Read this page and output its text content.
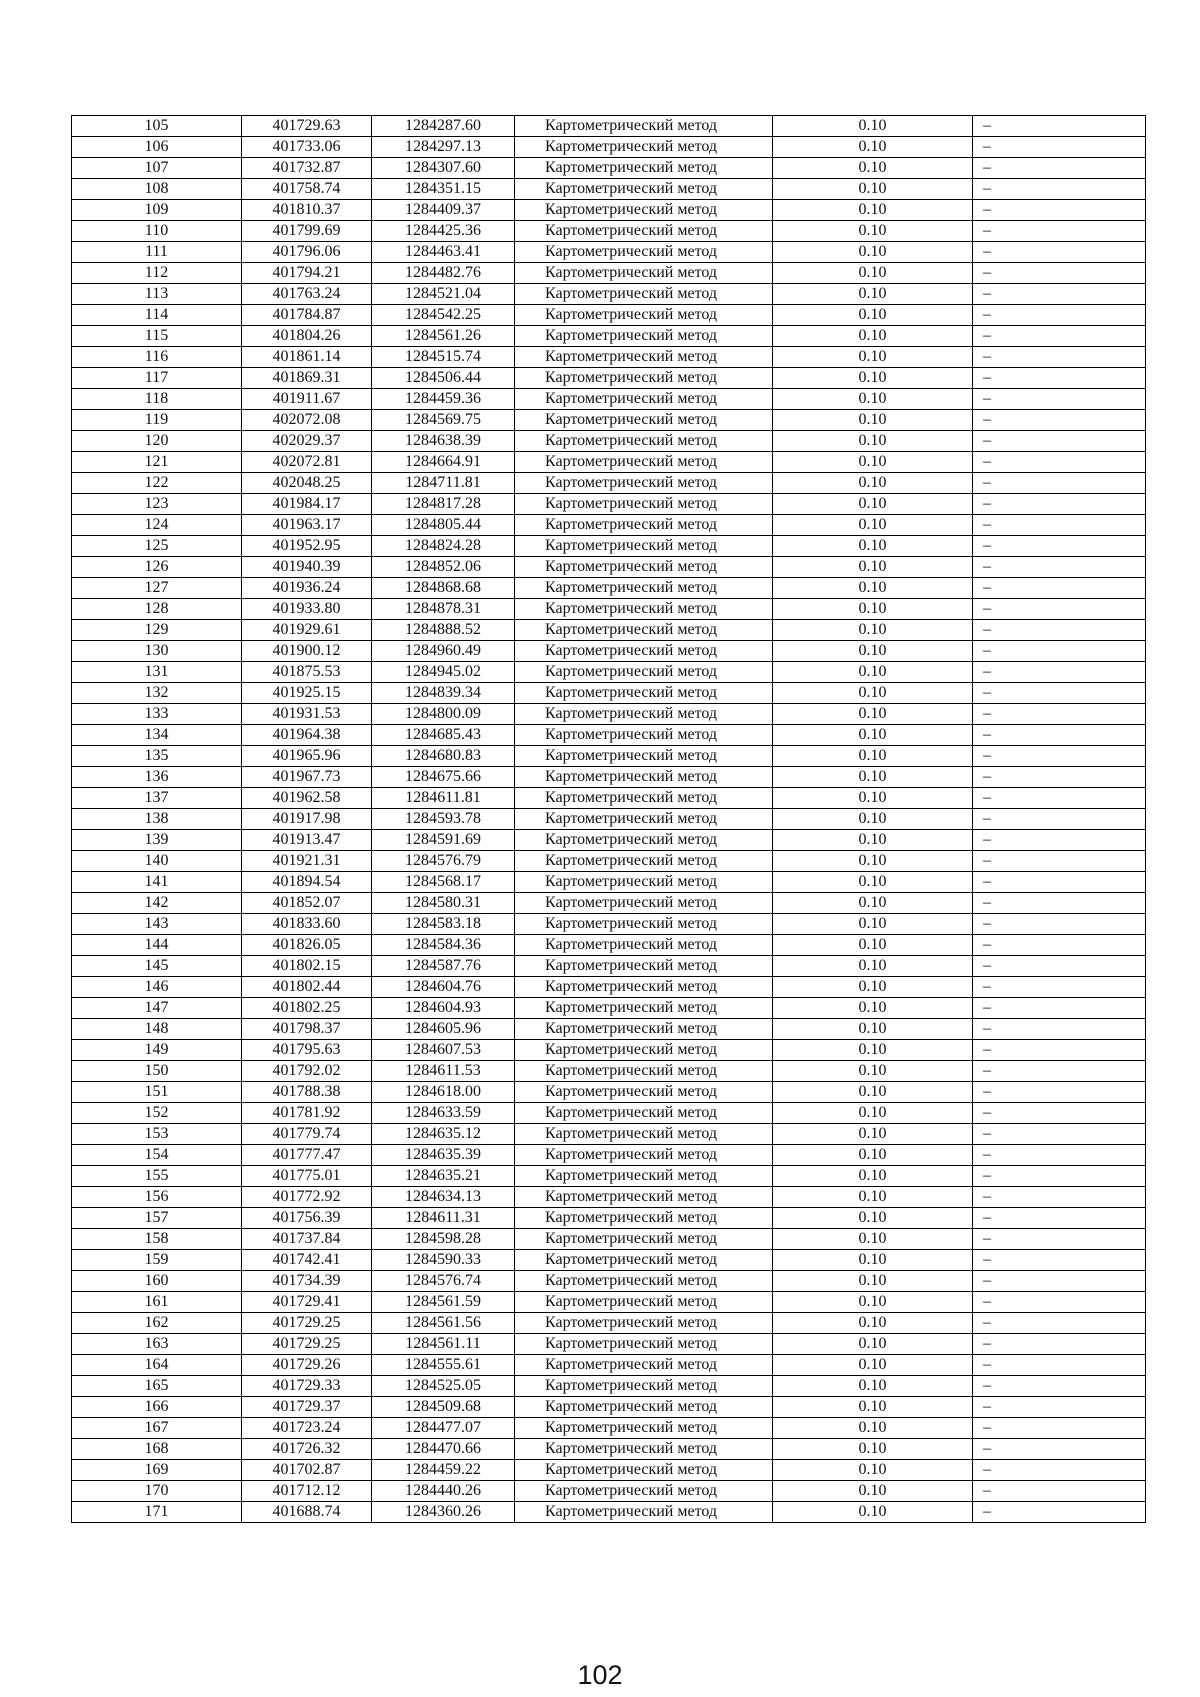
105	401729.63	1284287.60	Картометрический метод	0.10	–
106	401733.06	1284297.13	Картометрический метод	0.10	–
107	401732.87	1284307.60	Картометрический метод	0.10	–
108	401758.74	1284351.15	Картометрический метод	0.10	–
109	401810.37	1284409.37	Картометрический метод	0.10	–
110	401799.69	1284425.36	Картометрический метод	0.10	–
111	401796.06	1284463.41	Картометрический метод	0.10	–
112	401794.21	1284482.76	Картометрический метод	0.10	–
113	401763.24	1284521.04	Картометрический метод	0.10	–
114	401784.87	1284542.25	Картометрический метод	0.10	–
115	401804.26	1284561.26	Картометрический метод	0.10	–
116	401861.14	1284515.74	Картометрический метод	0.10	–
117	401869.31	1284506.44	Картометрический метод	0.10	–
118	401911.67	1284459.36	Картометрический метод	0.10	–
119	402072.08	1284569.75	Картометрический метод	0.10	–
120	402029.37	1284638.39	Картометрический метод	0.10	–
121	402072.81	1284664.91	Картометрический метод	0.10	–
122	402048.25	1284711.81	Картометрический метод	0.10	–
123	401984.17	1284817.28	Картометрический метод	0.10	–
124	401963.17	1284805.44	Картометрический метод	0.10	–
125	401952.95	1284824.28	Картометрический метод	0.10	–
126	401940.39	1284852.06	Картометрический метод	0.10	–
127	401936.24	1284868.68	Картометрический метод	0.10	–
128	401933.80	1284878.31	Картометрический метод	0.10	–
129	401929.61	1284888.52	Картометрический метод	0.10	–
130	401900.12	1284960.49	Картометрический метод	0.10	–
131	401875.53	1284945.02	Картометрический метод	0.10	–
132	401925.15	1284839.34	Картометрический метод	0.10	–
133	401931.53	1284800.09	Картометрический метод	0.10	–
134	401964.38	1284685.43	Картометрический метод	0.10	–
135	401965.96	1284680.83	Картометрический метод	0.10	–
136	401967.73	1284675.66	Картометрический метод	0.10	–
137	401962.58	1284611.81	Картометрический метод	0.10	–
138	401917.98	1284593.78	Картометрический метод	0.10	–
139	401913.47	1284591.69	Картометрический метод	0.10	–
140	401921.31	1284576.79	Картометрический метод	0.10	–
141	401894.54	1284568.17	Картометрический метод	0.10	–
142	401852.07	1284580.31	Картометрический метод	0.10	–
143	401833.60	1284583.18	Картометрический метод	0.10	–
144	401826.05	1284584.36	Картометрический метод	0.10	–
145	401802.15	1284587.76	Картометрический метод	0.10	–
146	401802.44	1284604.76	Картометрический метод	0.10	–
147	401802.25	1284604.93	Картометрический метод	0.10	–
148	401798.37	1284605.96	Картометрический метод	0.10	–
149	401795.63	1284607.53	Картометрический метод	0.10	–
150	401792.02	1284611.53	Картометрический метод	0.10	–
151	401788.38	1284618.00	Картометрический метод	0.10	–
152	401781.92	1284633.59	Картометрический метод	0.10	–
153	401779.74	1284635.12	Картометрический метод	0.10	–
154	401777.47	1284635.39	Картометрический метод	0.10	–
155	401775.01	1284635.21	Картометрический метод	0.10	–
156	401772.92	1284634.13	Картометрический метод	0.10	–
157	401756.39	1284611.31	Картометрический метод	0.10	–
158	401737.84	1284598.28	Картометрический метод	0.10	–
159	401742.41	1284590.33	Картометрический метод	0.10	–
160	401734.39	1284576.74	Картометрический метод	0.10	–
161	401729.41	1284561.59	Картометрический метод	0.10	–
162	401729.25	1284561.56	Картометрический метод	0.10	–
163	401729.25	1284561.11	Картометрический метод	0.10	–
164	401729.26	1284555.61	Картометрический метод	0.10	–
165	401729.33	1284525.05	Картометрический метод	0.10	–
166	401729.37	1284509.68	Картометрический метод	0.10	–
167	401723.24	1284477.07	Картометрический метод	0.10	–
168	401726.32	1284470.66	Картометрический метод	0.10	–
169	401702.87	1284459.22	Картометрический метод	0.10	–
170	401712.12	1284440.26	Картометрический метод	0.10	–
171	401688.74	1284360.26	Картометрический метод	0.10	–
102
